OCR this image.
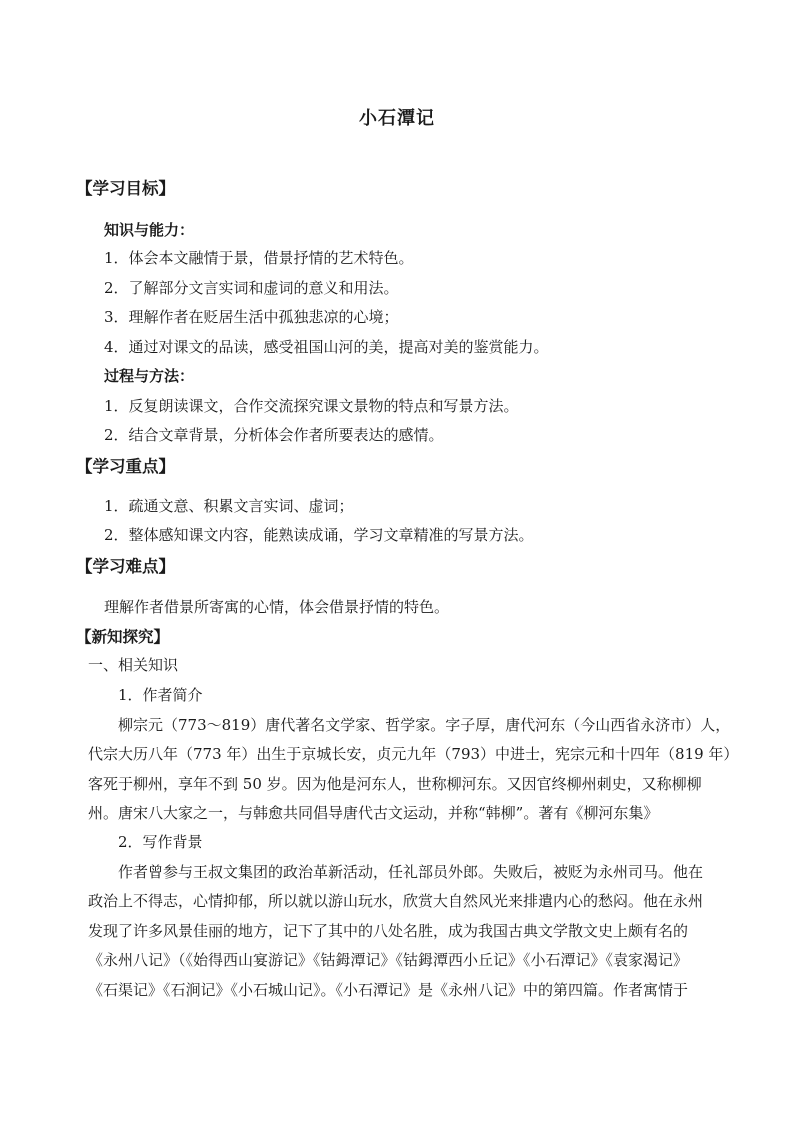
小石潭记
【学习目标】
知识与能力：
1．体会本文融情于景，借景抒情的艺术特色。
2．了解部分文言实词和虚词的意义和用法。
3．理解作者在贬居生活中孤独悲凉的心境；
4．通过对课文的品读，感受祖国山河的美，提高对美的鉴赏能力。
过程与方法：
1．反复朗读课文，合作交流探究课文景物的特点和写景方法。
2．结合文章背景，分析体会作者所要表达的感情。
【学习重点】
1．疏通文意、积累文言实词、虚词；
2．整体感知课文内容，能熟读成诵，学习文章精准的写景方法。
【学习难点】
理解作者借景所寄寓的心情，体会借景抒情的特色。
【新知探究】
一、相关知识
1．作者简介
柳宗元（773～819）唐代著名文学家、哲学家。字子厚，唐代河东（今山西省永济市）人，
代宗大历八年（773 年）出生于京城长安，贞元九年（793）中进士，宪宗元和十四年（819 年）
客死于柳州，享年不到 50 岁。因为他是河东人，世称柳河东。又因官终柳州刺史，又称柳柳
州。唐宋八大家之一，与韩愈共同倡导唐代古文运动，并称“韩柳”。著有《柳河东集》
2．写作背景
作者曾参与王叔文集团的政治革新活动，任礼部员外郎。失败后，被贬为永州司马。他在
政治上不得志，心情抑郁，所以就以游山玩水，欣赏大自然风光来排遣内心的愁闷。他在永州
发现了许多风景佳丽的地方，记下了其中的八处名胜，成为我国古典文学散文史上颇有名的
《永州八记》（《始得西山宴游记》《钴鉧潭记》《钴鉧潭西小丘记》《小石潭记》《袁家渴记》
《石渠记》《石涧记》《小石城山记》。《小石潭记》是《永州八记》中的第四篇。作者寓情于
